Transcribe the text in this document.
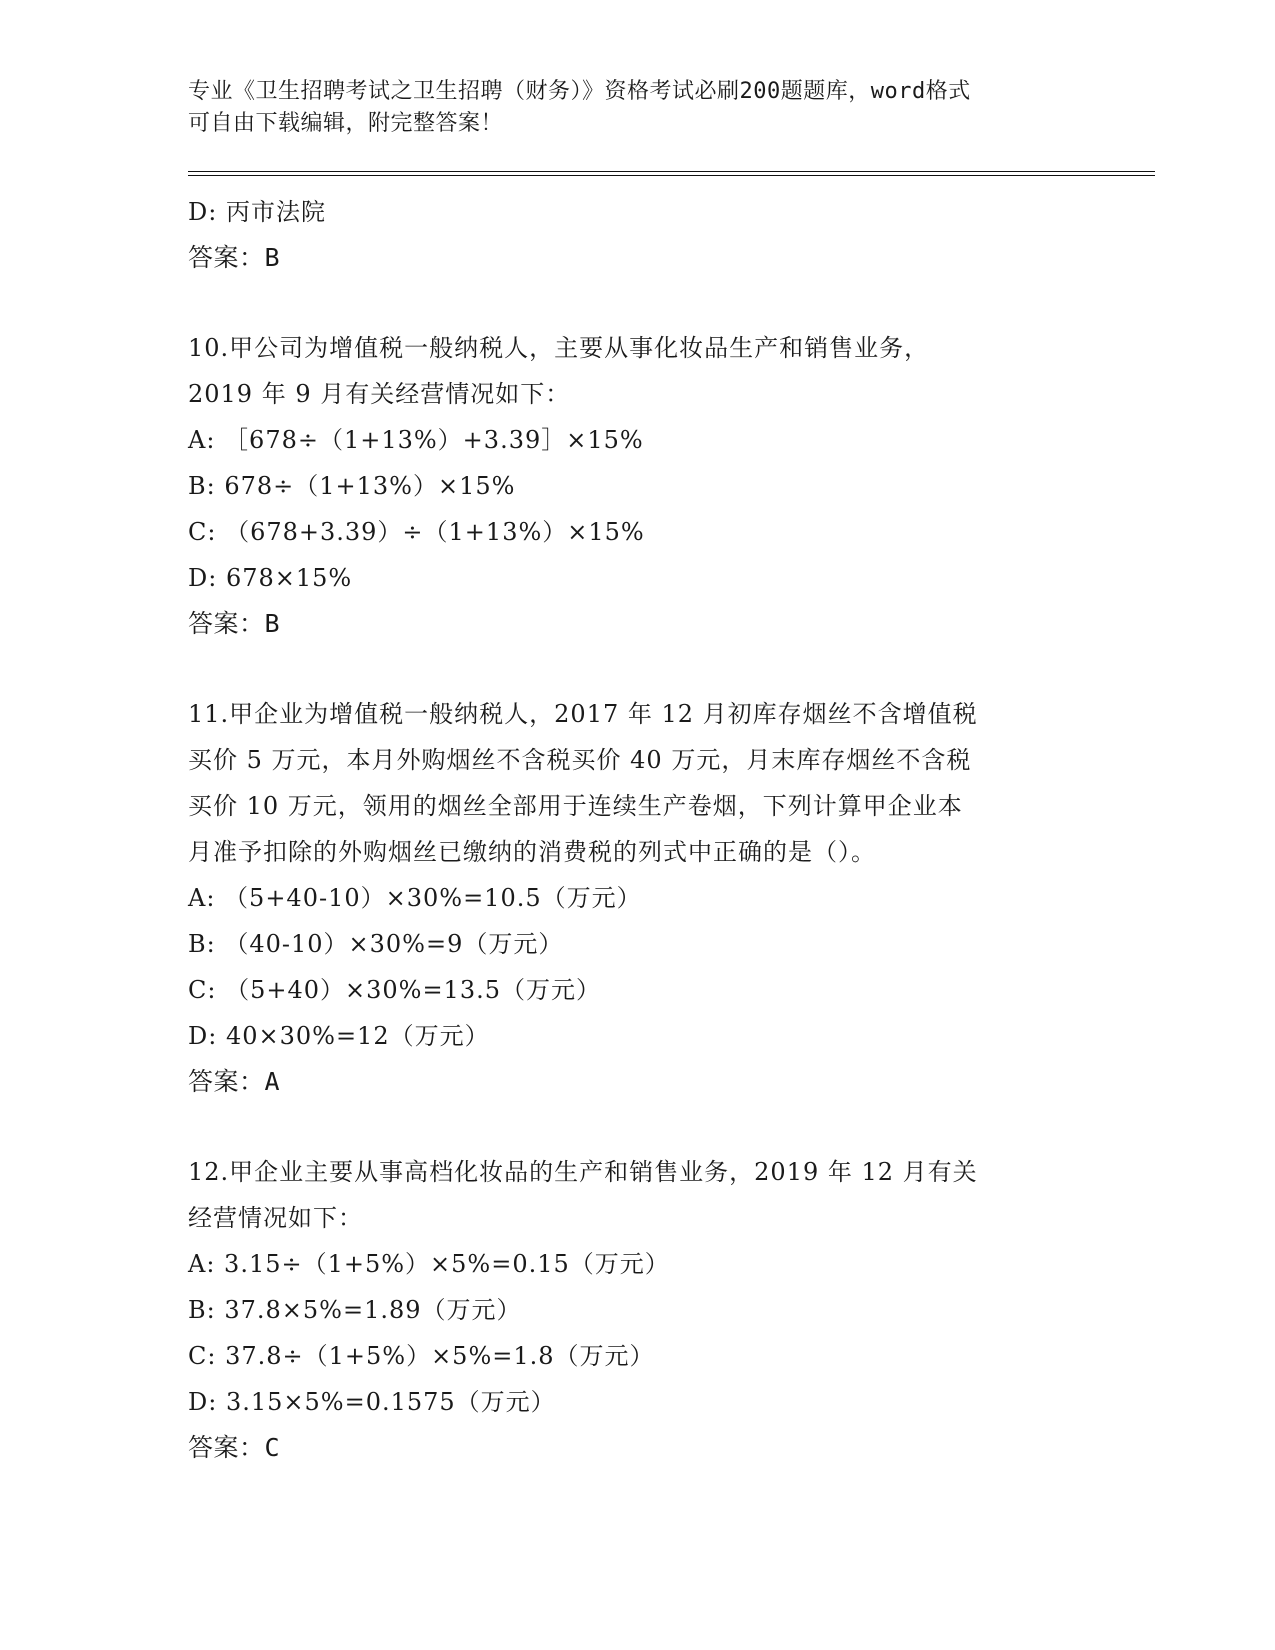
专业《卫生招聘考试之卫生招聘（财务）》资格考试必刷200题题库，word格式
可自由下载编辑，附完整答案！
D: 丙市法院
答案：B
10.甲公司为增值税一般纳税人，主要从事化妆品生产和销售业务，
2019 年 9 月有关经营情况如下：
A: ［678÷（1+13%）+3.39］×15%
B: 678÷（1+13%）×15%
C: （678+3.39）÷（1+13%）×15%
D: 678×15%
答案：B
11.甲企业为增值税一般纳税人，2017 年 12 月初库存烟丝不含增值税
买价 5 万元，本月外购烟丝不含税买价 40 万元，月末库存烟丝不含税
买价 10 万元，领用的烟丝全部用于连续生产卷烟，下列计算甲企业本
月准予扣除的外购烟丝已缴纳的消费税的列式中正确的是（）。
A: （5+40-10）×30%=10.5（万元）
B: （40-10）×30%=9（万元）
C: （5+40）×30%=13.5（万元）
D: 40×30%=12（万元）
答案：A
12.甲企业主要从事高档化妆品的生产和销售业务，2019 年 12 月有关
经营情况如下：
A: 3.15÷（1+5%）×5%=0.15（万元）
B: 37.8×5%=1.89（万元）
C: 37.8÷（1+5%）×5%=1.8（万元）
D: 3.15×5%=0.1575（万元）
答案：C
